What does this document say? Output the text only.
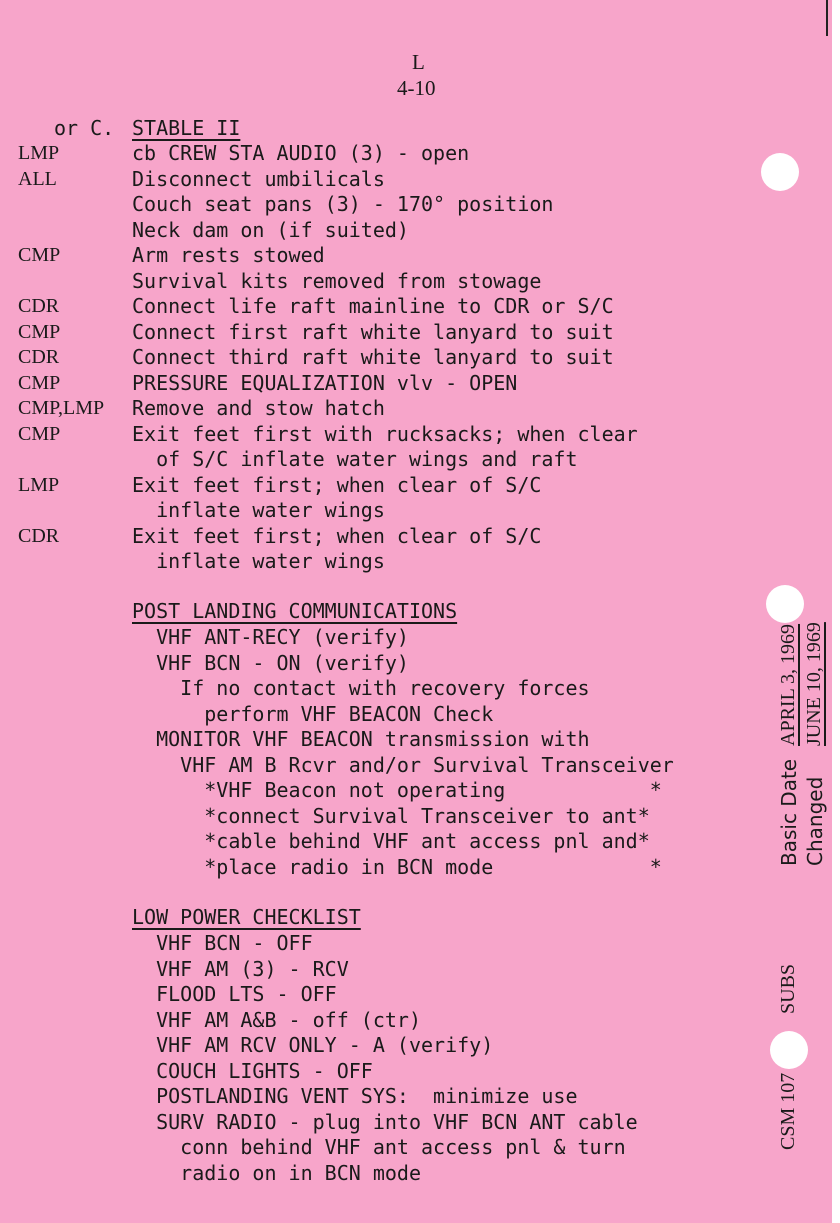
L
4-10
or C. STABLE II
LMP	cb CREW STA AUDIO (3) - open
ALL	Disconnect umbilicals
Couch seat pans (3) - 170° position
Neck dam on (if suited)
CMP	Arm rests stowed
Survival kits removed from stowage
CDR	Connect life raft mainline to CDR or S/C
CMP	Connect first raft white lanyard to suit
CDR	Connect third raft white lanyard to suit
CMP	PRESSURE EQUALIZATION vlv - OPEN
CMP,LMP Remove and stow hatch
CMP	Exit feet first with rucksacks; when clear
of S/C inflate water wings and raft
LMP	Exit feet first; when clear of S/C
inflate water wings
CDR	Exit feet first; when clear of S/C
inflate water wings
POST LANDING COMMUNICATIONS
VHF ANT-RECY (verify)
VHF BCN - ON (verify)
If no contact with recovery forces
perform VHF BEACON Check
MONITOR VHF BEACON transmission with
VHF AM B Rcvr and/or Survival Transceiver
*VHF Beacon not operating            *
*connect Survival Transceiver to ant*
*cable behind VHF ant access pnl and*
*place radio in BCN mode             *
LOW POWER CHECKLIST
VHF BCN - OFF
VHF AM (3) - RCV
FLOOD LTS - OFF
VHF AM A&B - off (ctr)
VHF AM RCV ONLY - A (verify)
COUCH LIGHTS - OFF
POSTLANDING VENT SYS:  minimize use
SURV RADIO - plug into VHF BCN ANT cable
conn behind VHF ant access pnl & turn
radio on in BCN mode
Basic Date
APRIL 3, 1969
Changed
JUNE 10, 1969
CSM 107
SUBS
